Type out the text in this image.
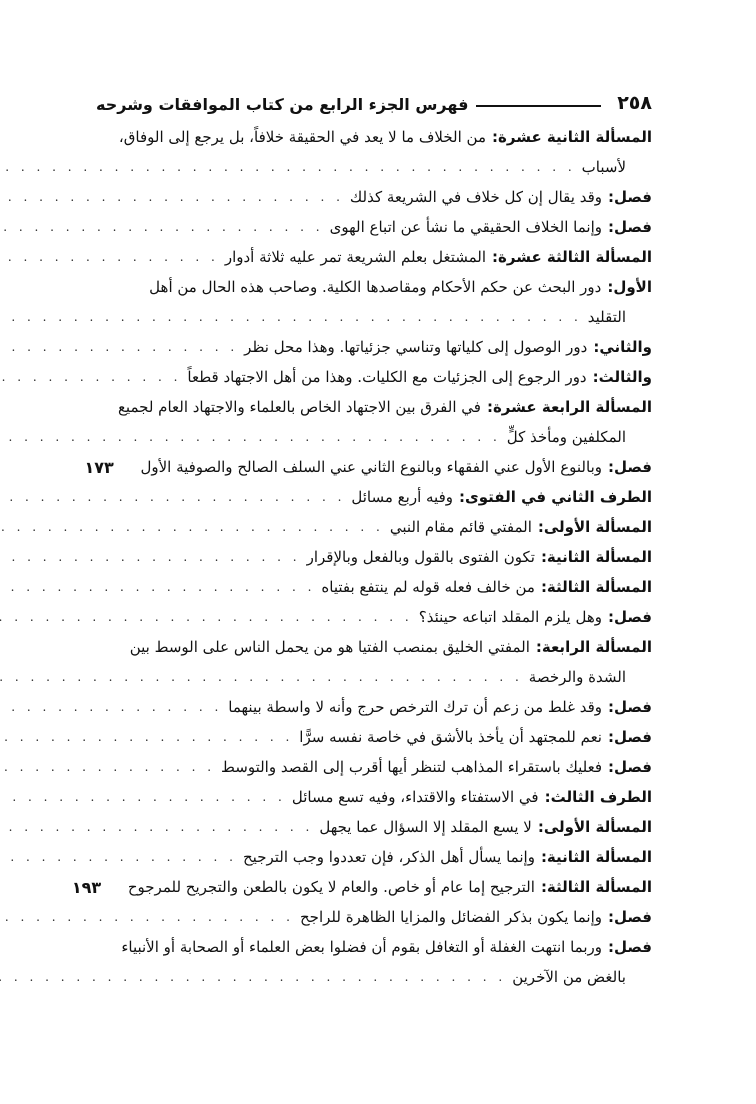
٢٥٨
فهرس الجزء الرابع من كتاب الموافقات وشرحه
المسألة الثانية عشرة:
من الخلاف ما لا يعد في الحقيقة خلافاً، بل يرجع إلى الوفاق،
لأسباب
. . .
فصل:
وقد يقال إن كل خلاف في الشريعة كذلك
. . .
فصل:
وإنما الخلاف الحقيقي ما نشأ عن اتباع الهوى
. . .
المسألة الثالثة عشرة:
المشتغل بعلم الشريعة تمر عليه ثلاثة أدوار
. . .
الأول:
دور البحث عن حكم الأحكام ومقاصدها الكلية. وصاحب هذه الحال من أهل
التقليد
. . .
والثاني:
دور الوصول إلى كلياتها وتناسي جزئياتها. وهذا محل نظر
. . .
والثالث:
دور الرجوع إلى الجزئيات مع الكليات. وهذا من أهل الاجتهاد قطعاً
. . .
المسألة الرابعة عشرة:
في الفرق بين الاجتهاد الخاص بالعلماء والاجتهاد العام لجميع
المكلفين ومأخذ كلٍّ
. . .
فصل:
وبالنوع الأول عني الفقهاء وبالنوع الثاني عني السلف الصالح والصوفية الأول
١٧٣
الطرف الثاني في الفتوى:
وفيه أربع مسائل
. . .
المسألة الأولى:
المفتي قائم مقام النبي
. . .
المسألة الثانية:
تكون الفتوى بالقول وبالفعل وبالإقرار
. . .
المسألة الثالثة:
من خالف فعله قوله لم ينتفع بفتياه
. . .
فصل:
وهل يلزم المقلد اتباعه حينئذ؟
. . .
المسألة الرابعة:
المفتي الخليق بمنصب الفتيا هو من يحمل الناس على الوسط بين
الشدة والرخصة
. . .
فصل:
وقد غلط من زعم أن ترك الترخص حرج وأنه لا واسطة بينهما
. . .
فصل:
نعم للمجتهد أن يأخذ بالأشق في خاصة نفسه سرًّا
. . .
فصل:
فعليك باستقراء المذاهب لتنظر أيها أقرب إلى القصد والتوسط
. . .
الطرف الثالث:
في الاستفتاء والاقتداء، وفيه تسع مسائل
. . .
المسألة الأولى:
لا يسع المقلد إلا السؤال عما يجهل
. . .
المسألة الثانية:
وإنما يسأل أهل الذكر، فإن تعددوا وجب الترجيح
. . .
المسألة الثالثة:
الترجيح إما عام أو خاص. والعام لا يكون بالطعن والتجريح للمرجوح
١٩٣
فصل:
وإنما يكون بذكر الفضائل والمزايا الظاهرة للراجح
. . .
فصل:
وربما انتهت الغفلة أو التغافل بقوم أن فضلوا بعض العلماء أو الصحابة أو الأنبياء
بالغض من الآخرين
. . .
